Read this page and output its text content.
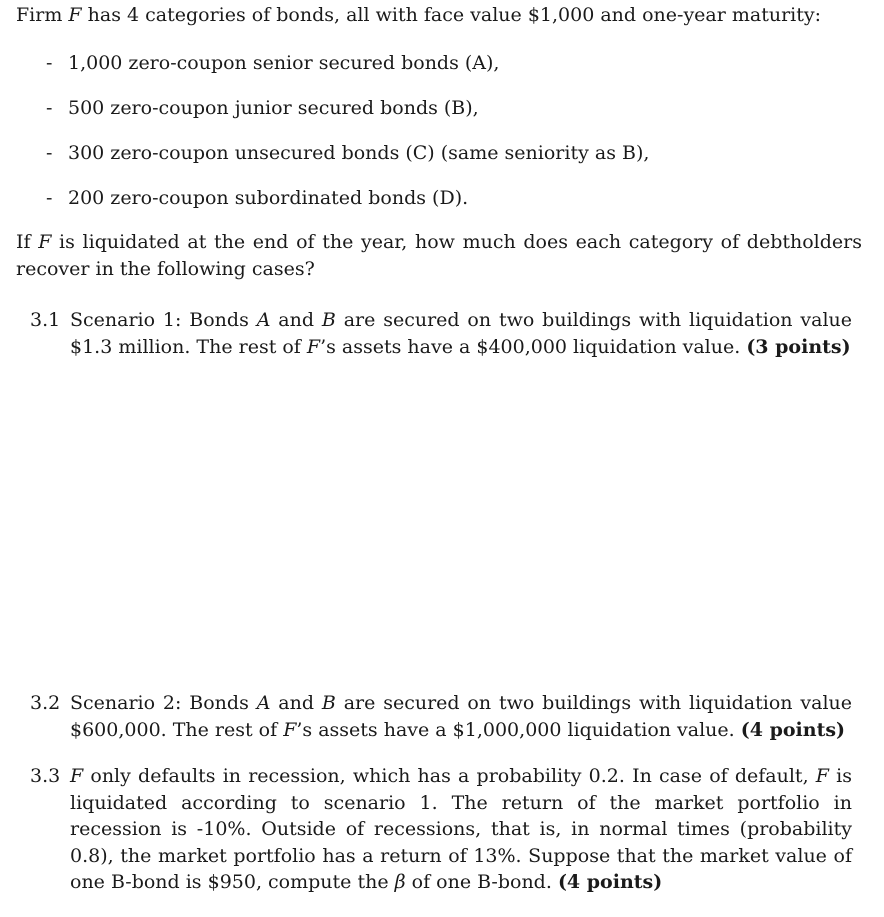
Firm F has 4 categories of bonds, all with face value $1,000 and one-year maturity:
- 1,000 zero-coupon senior secured bonds (A),
- 500 zero-coupon junior secured bonds (B),
- 300 zero-coupon unsecured bonds (C) (same seniority as B),
- 200 zero-coupon subordinated bonds (D).
If F is liquidated at the end of the year, how much does each category of debtholders recover in the following cases?
3.1 Scenario 1: Bonds A and B are secured on two buildings with liquidation value $1.3 million. The rest of F’s assets have a $400,000 liquidation value. (3 points)
3.2 Scenario 2: Bonds A and B are secured on two buildings with liquidation value $600,000. The rest of F’s assets have a $1,000,000 liquidation value. (4 points)
3.3 F only defaults in recession, which has a probability 0.2. In case of default, F is liquidated according to scenario 1. The return of the market portfolio in recession is -10%. Outside of recessions, that is, in normal times (probability 0.8), the market portfolio has a return of 13%. Suppose that the market value of one B-bond is $950, compute the β of one B-bond. (4 points)
